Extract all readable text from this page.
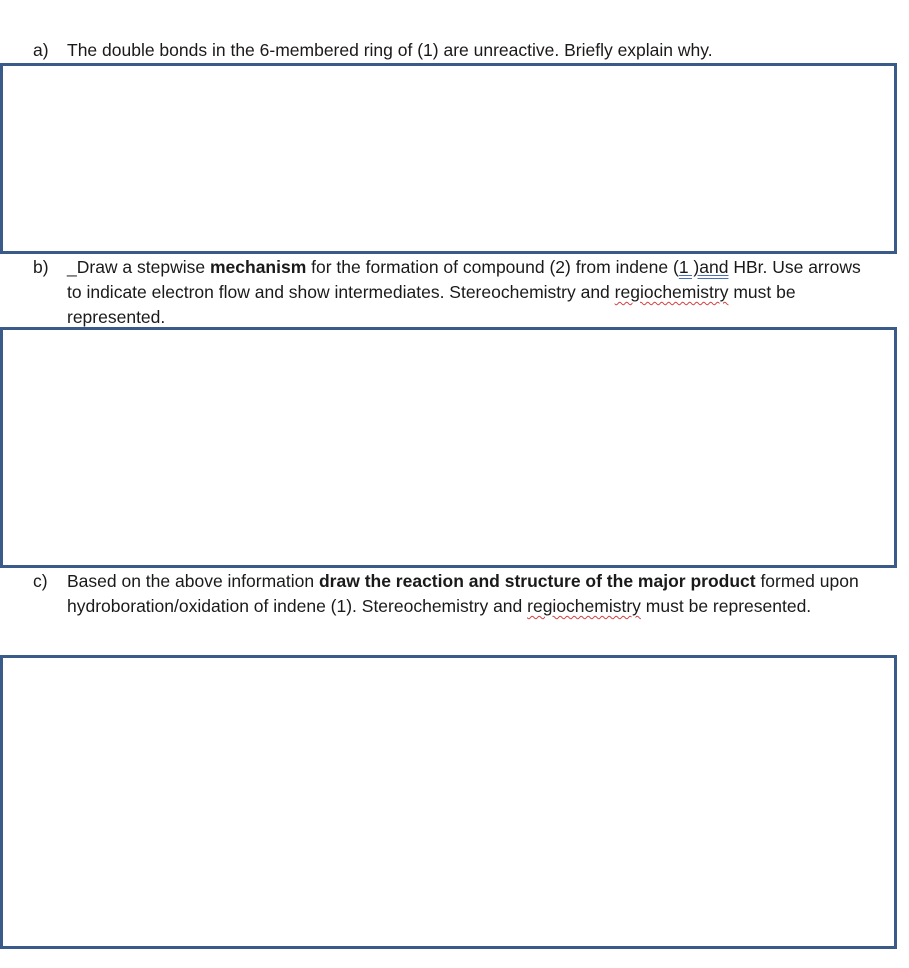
a) The double bonds in the 6-membered ring of (1) are unreactive. Briefly explain why.
b) _Draw a stepwise mechanism for the formation of compound (2) from indene (1 )and HBr. Use arrows to indicate electron flow and show intermediates. Stereochemistry and regiochemistry must be represented.
c) Based on the above information draw the reaction and structure of the major product formed upon hydroboration/oxidation of indene (1). Stereochemistry and regiochemistry must be represented.
